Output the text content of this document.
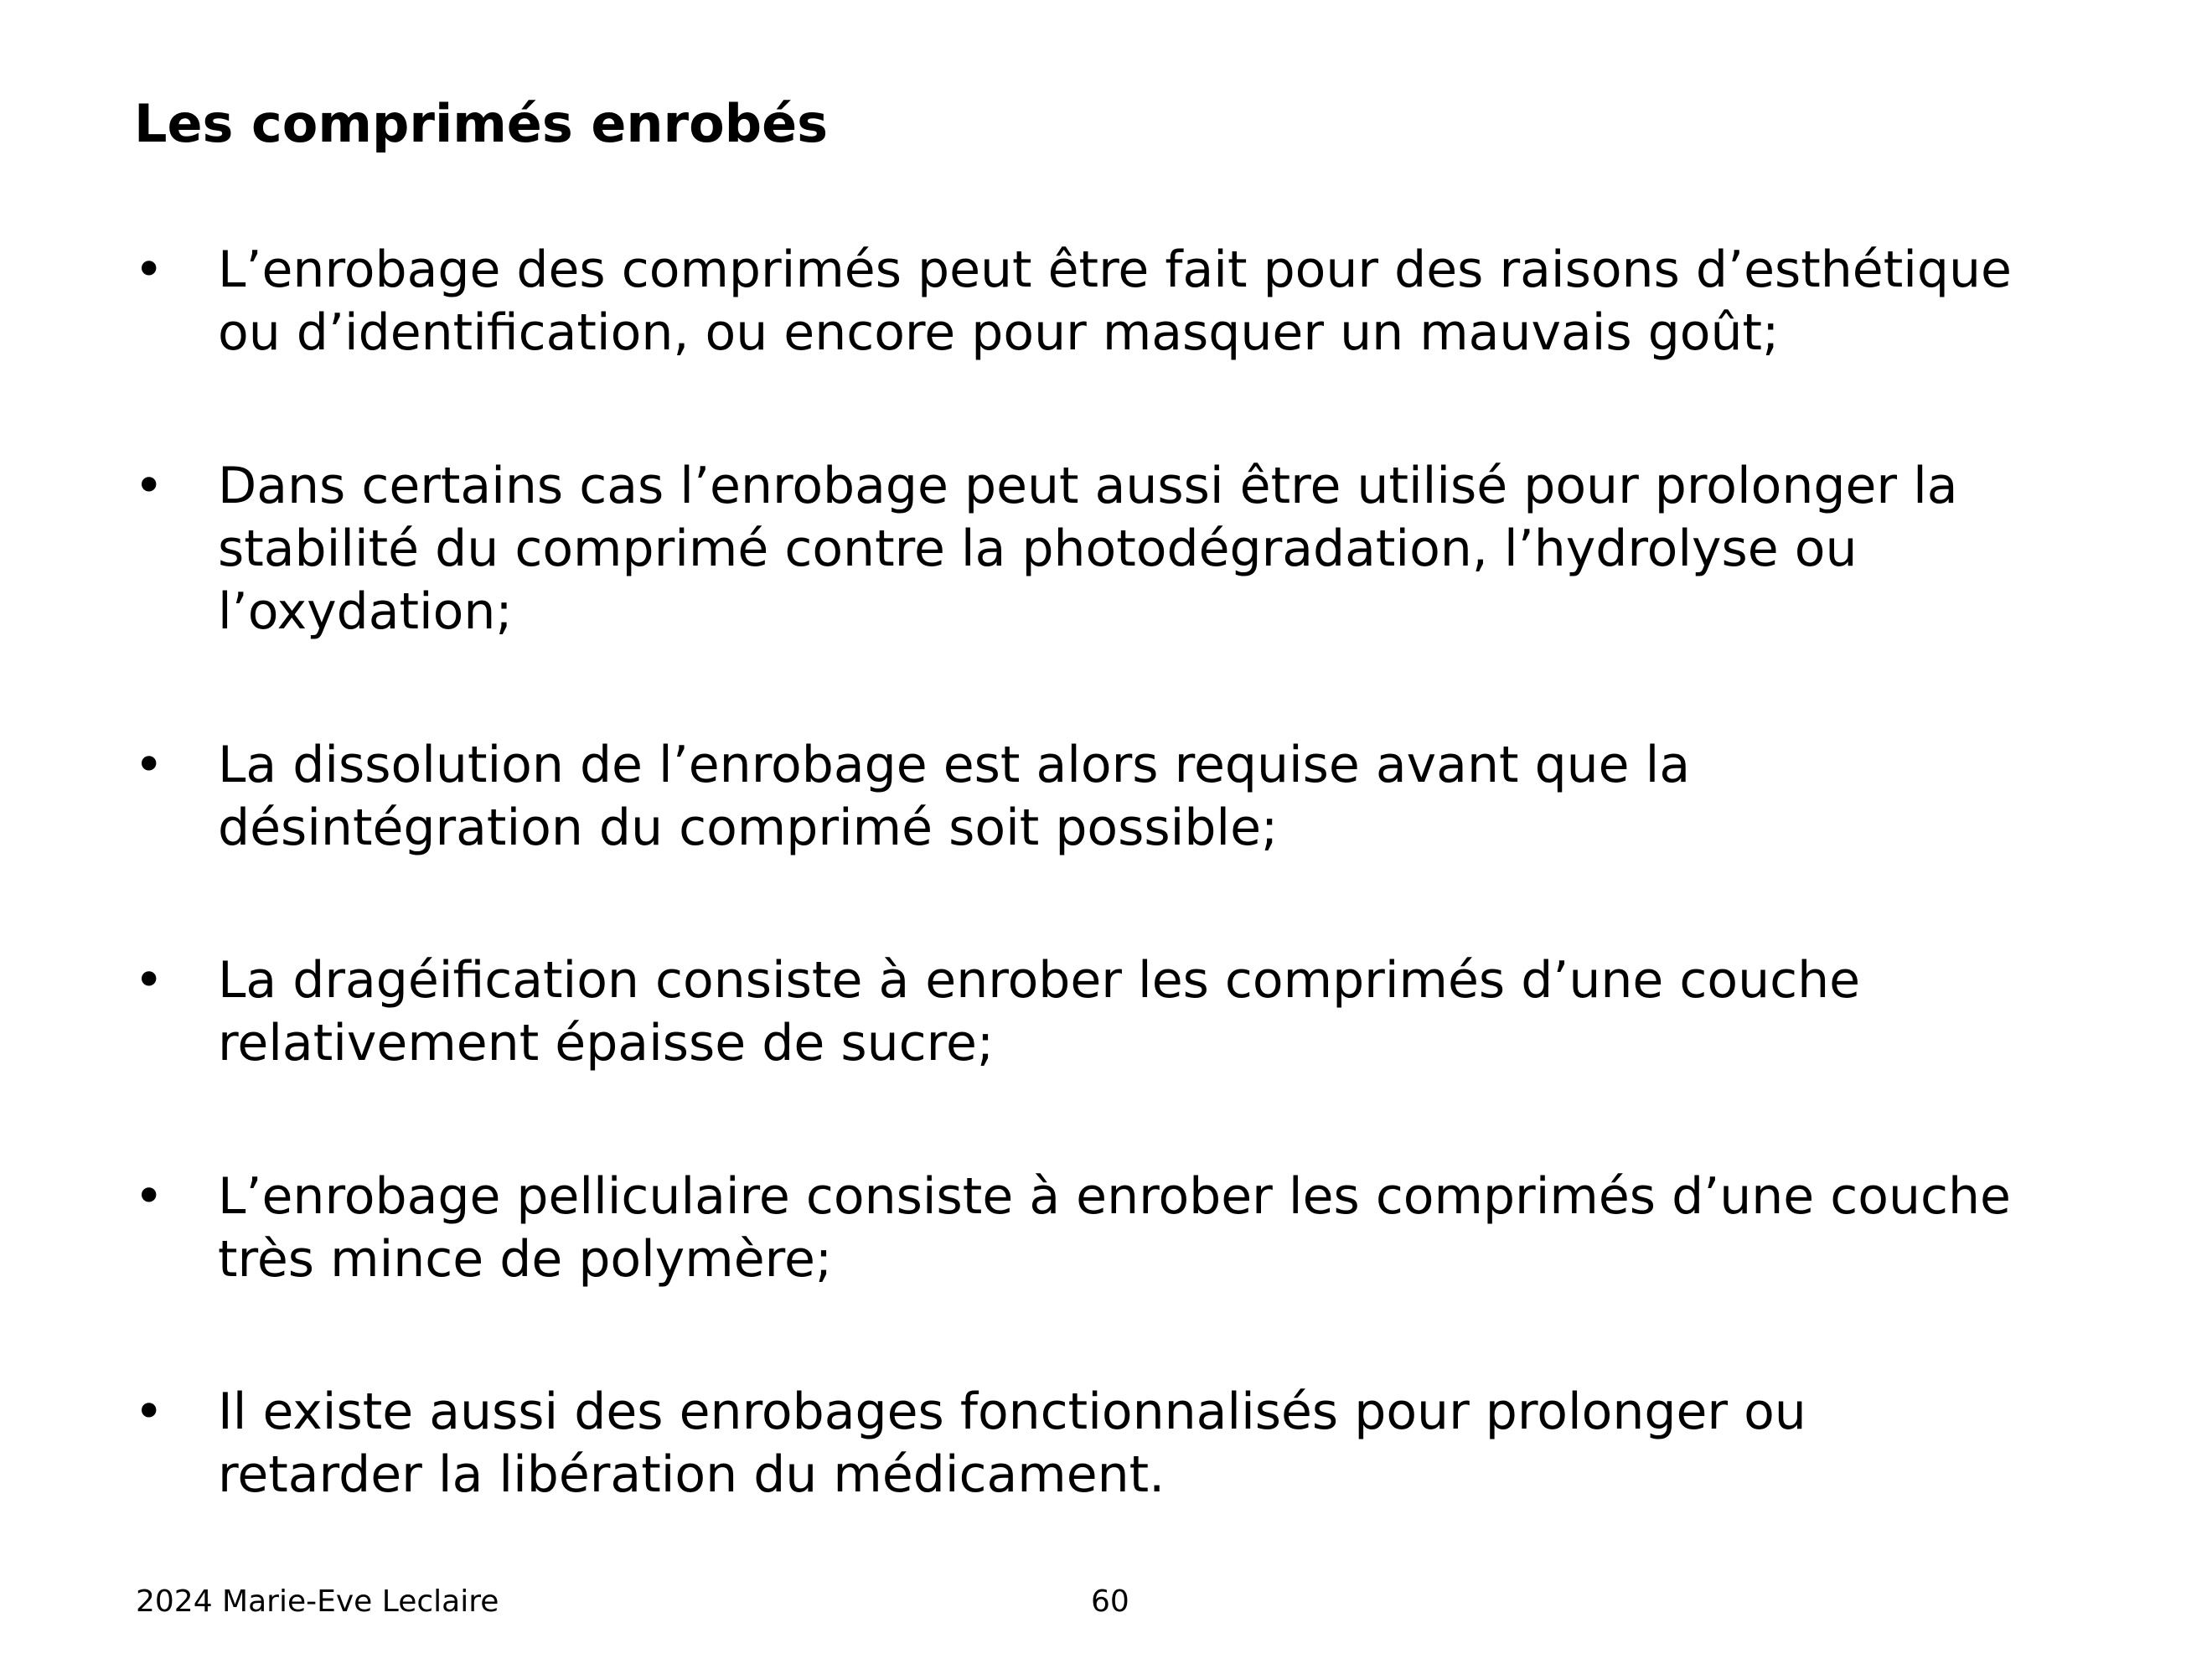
Les comprimés enrobés
• L’enrobage des comprimés peut être fait pour des raisons d’esthétique
ou d’identification, ou encore pour masquer un mauvais goût;
• Dans certains cas l’enrobage peut aussi être utilisé pour prolonger la
stabilité du comprimé contre la photodégradation, l’hydrolyse ou
l’oxydation;
• La dissolution de l’enrobage est alors requise avant que la
désintégration du comprimé soit possible;
• La dragéification consiste à enrober les comprimés d’une couche
relativement épaisse de sucre;
• L’enrobage pelliculaire consiste à enrober les comprimés d’une couche
très mince de polymère;
• Il existe aussi des enrobages fonctionnalisés pour prolonger ou
retarder la libération du médicament.
2024 Marie-Eve Leclaire	60
